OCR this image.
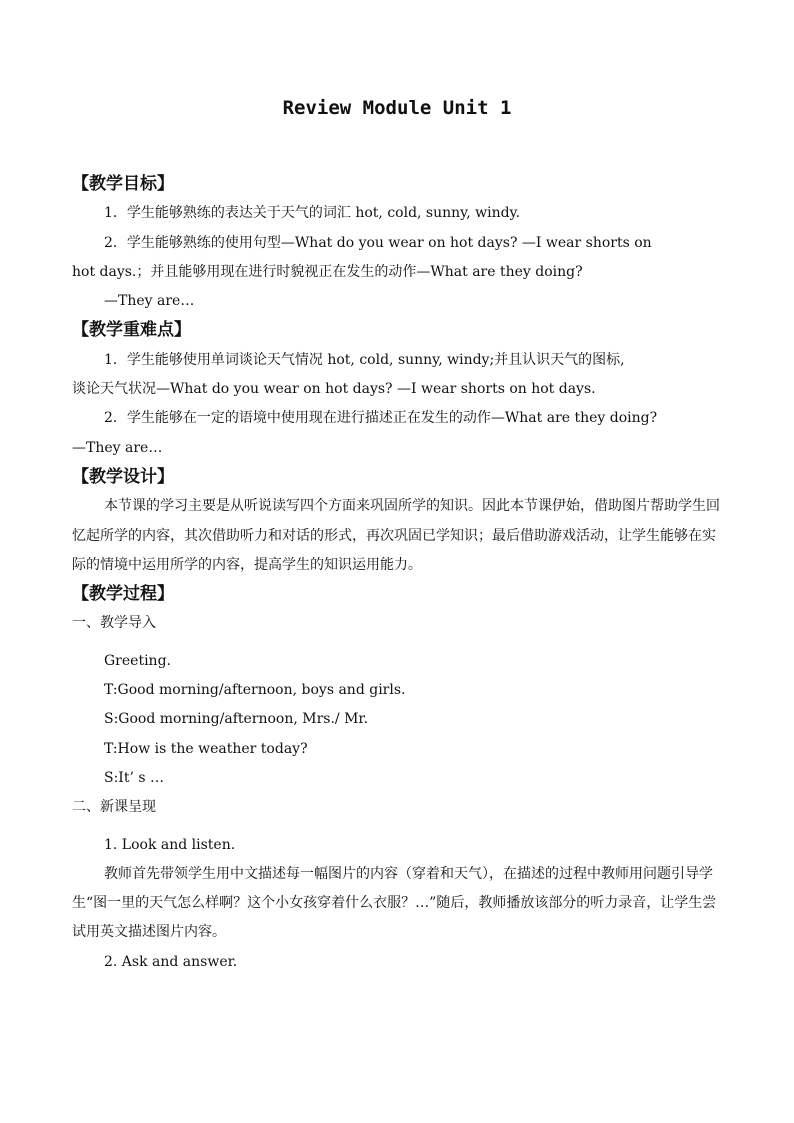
Review Module Unit 1
【教学目标】
1．学生能够熟练的表达关于天气的词汇 hot, cold, sunny, windy.
2．学生能够熟练的使用句型—What do you wear on hot days? —I wear shorts on
hot days.；并且能够用现在进行时貌视正在发生的动作—What are they doing?
—They are…
【教学重难点】
1．学生能够使用单词谈论天气情况 hot, cold, sunny, windy;并且认识天气的图标,
谈论天气状况—What do you wear on hot days? —I wear shorts on hot days.
2．学生能够在一定的语境中使用现在进行描述正在发生的动作—What are they doing?
—They are…
【教学设计】
本节课的学习主要是从听说读写四个方面来巩固所学的知识。因此本节课伊始，借助图片帮助学生回忆起所学的内容，其次借助听力和对话的形式，再次巩固已学知识；最后借助游戏活动，让学生能够在实际的情境中运用所学的内容，提高学生的知识运用能力。
【教学过程】
一、教学导入
Greeting.
T:Good morning/afternoon, boys and girls.
S:Good morning/afternoon, Mrs./ Mr.
T:How is the weather today?
S:It’ s …
二、新课呈现
1. Look and listen.
教师首先带领学生用中文描述每一幅图片的内容（穿着和天气），在描述的过程中教师用问题引导学生“图一里的天气怎么样啊？这个小女孩穿着什么衣服？…”随后，教师播放该部分的听力录音，让学生尝试用英文描述图片内容。
2. Ask and answer.
